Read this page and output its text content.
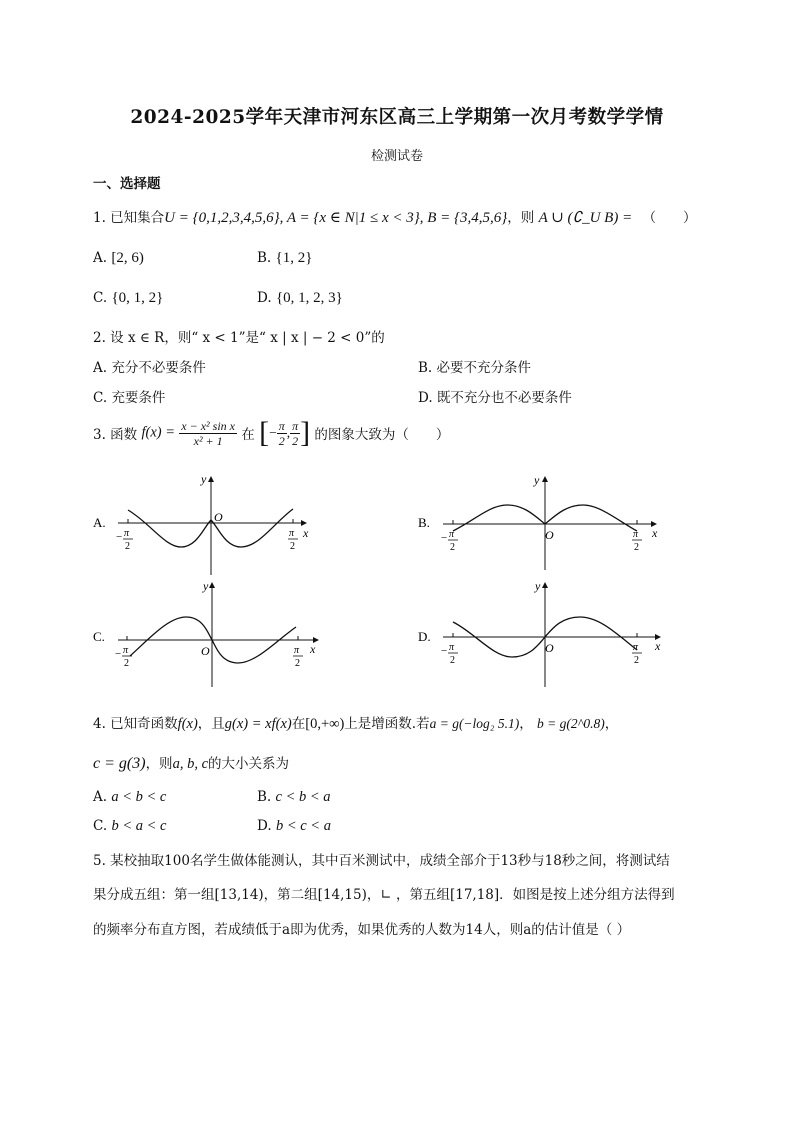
2024-2025学年天津市河东区高三上学期第一次月考数学学情
检测试卷
一、选择题
1. 已知集合U = {0,1,2,3,4,5,6}, A = {x ∈ N|1 ≤ x < 3}, B = {3,4,5,6}，则 A ∪ (∁_U B) = （　　）
A. [2, 6)	B. {1, 2}
C. {0, 1, 2}	D. {0, 1, 2, 3}
2. 设 x ∈ R，则“ x < 1”是“ x | x | − 2 < 0”的
A. 充分不必要条件	B. 必要不充分条件
C. 充要条件	D. 既不充分也不必要条件
3. 函数 $f(x) = \frac{\text{x − x² sin x}}{\text{x² + 1}}$ 在 [− $\frac{\pi}{2}$ , $\frac{\pi}{2}$ ] 的图象大致为（　　）
A.
y
x
O
− π
2
π
2
B.
y
x
O
− π
2
π
2
C.
y
x
O
− π
2
π
2
D.
y
x
O
− π
2
π
2
4. 已知奇函数f(x)，且g(x) = xf(x)在[0,+∞)上是增函数.若a = g(−log₂ 5.1)， b = g(2^0.8)，
c = g(3)，则a, b, c的大小关系为
A. a < b < c	B. c < b < a
C. b < a < c	D. b < c < a
5. 某校抽取100名学生做体能测认，其中百米测试中，成绩全部介于13秒与18秒之间，将测试结
果分成五组：第一组[13,14)，第二组[14,15)，∟ ，第五组[17,18]．如图是按上述分组方法得到
的频率分布直方图，若成绩低于a即为优秀，如果优秀的人数为14人，则a的估计值是（ ）
